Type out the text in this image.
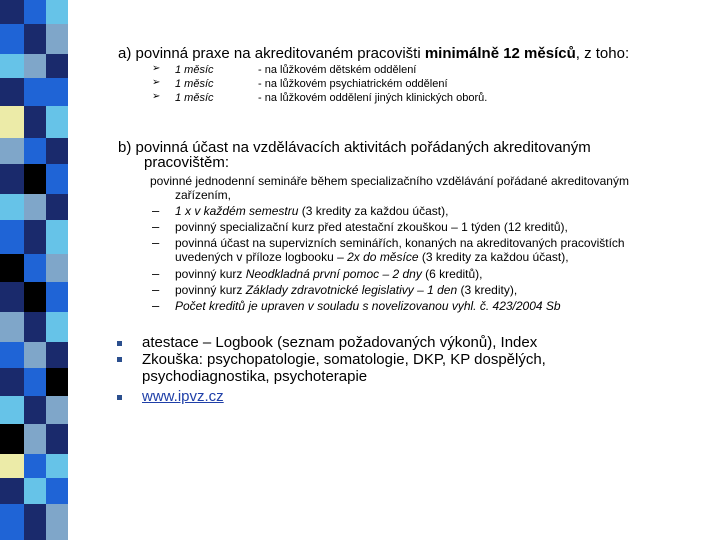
a) povinná praxe na akreditovaném pracovišti minimálně 12 měsíců, z toho:
➢ 1 měsíc	- na lůžkovém dětském oddělení
➢ 1 měsíc	- na lůžkovém psychiatrickém oddělení
➢ 1 měsíc	- na lůžkovém oddělení jiných klinických oborů.
b) povinná účast na vzdělávacích aktivitách pořádaných akreditovaným
pracovištěm:
povinné jednodenní semináře během specializačního vzdělávání pořádané akreditovaným
zařízením,
– 1 x v každém semestru (3 kredity za každou účast),
– povinný specializační kurz před atestační zkouškou – 1 týden (12 kreditů),
– povinná účast na supervizních seminářích, konaných na akreditovaných pracovištích
uvedených v příloze logbooku – 2x do měsíce (3 kredity za každou účast),
– povinný kurz Neodkladná první pomoc – 2 dny (6 kreditů),
– povinný kurz Základy zdravotnické legislativy – 1 den (3 kredity),
– Počet kreditů je upraven v souladu s novelizovanou vyhl. č. 423/2004 Sb
atestace – Logbook (seznam požadovaných výkonů), Index
Zkouška: psychopatologie, somatologie, DKP, KP dospělých,
psychodiagnostika, psychoterapie
www.ipvz.cz
